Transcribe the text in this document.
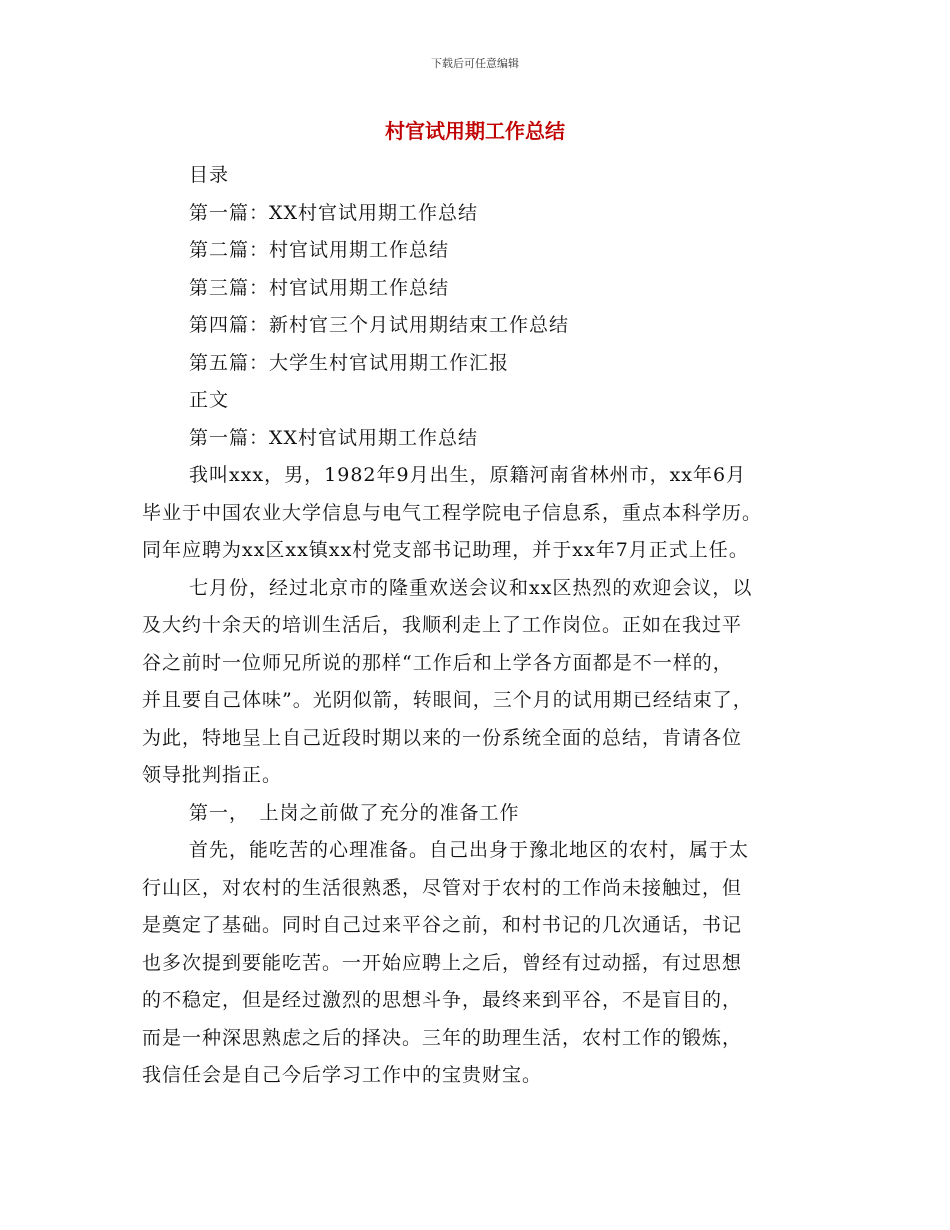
下载后可任意编辑
村官试用期工作总结
目录
第一篇：XX村官试用期工作总结
第二篇：村官试用期工作总结
第三篇：村官试用期工作总结
第四篇：新村官三个月试用期结束工作总结
第五篇：大学生村官试用期工作汇报
正文
第一篇：XX村官试用期工作总结
我叫xxx，男，1982年9月出生，原籍河南省林州市，xx年6月
毕业于中国农业大学信息与电气工程学院电子信息系，重点本科学历。
同年应聘为xx区xx镇xx村党支部书记助理，并于xx年7月正式上任。
七月份，经过北京市的隆重欢送会议和xx区热烈的欢迎会议，以
及大约十余天的培训生活后，我顺利走上了工作岗位。正如在我过平
谷之前时一位师兄所说的那样“工作后和上学各方面都是不一样的，
并且要自己体味”。光阴似箭，转眼间，三个月的试用期已经结束了，
为此，特地呈上自己近段时期以来的一份系统全面的总结，肯请各位
领导批判指正。
第一，　上岗之前做了充分的准备工作
首先，能吃苦的心理准备。自己出身于豫北地区的农村，属于太
行山区，对农村的生活很熟悉，尽管对于农村的工作尚未接触过，但
是奠定了基础。同时自己过来平谷之前，和村书记的几次通话，书记
也多次提到要能吃苦。一开始应聘上之后，曾经有过动摇，有过思想
的不稳定，但是经过激烈的思想斗争，最终来到平谷，不是盲目的，
而是一种深思熟虑之后的择决。三年的助理生活，农村工作的锻炼，
我信任会是自己今后学习工作中的宝贵财宝。
